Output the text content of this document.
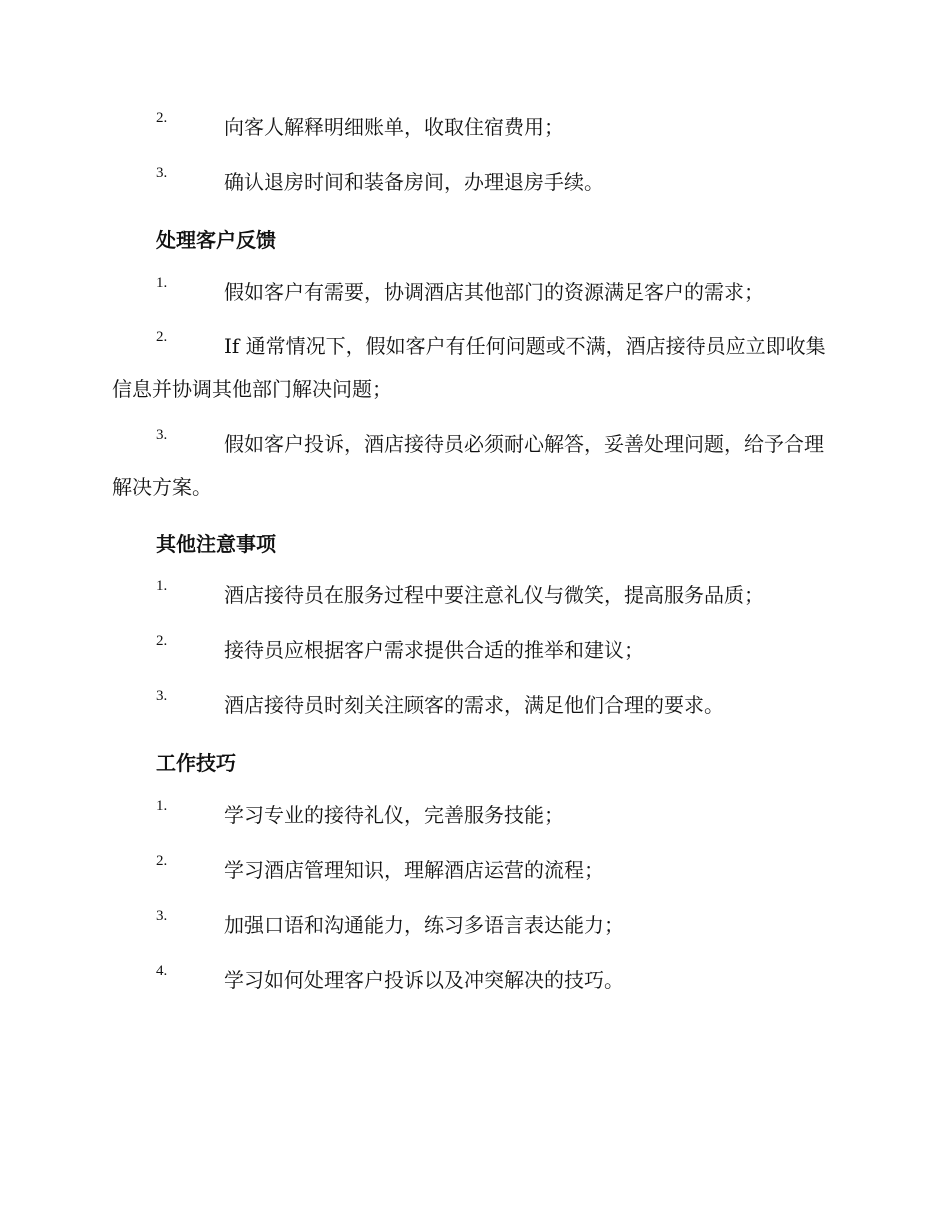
2.	向客人解释明细账单，收取住宿费用；

3.	确认退房时间和装备房间，办理退房手续。

处理客户反馈
1.	假如客户有需要，协调酒店其他部门的资源满足客户的需求；

2.	If 通常情况下，假如客户有任何问题或不满，酒店接待员应立即收集信息并协调其他部门解决问题；

3.	假如客户投诉，酒店接待员必须耐心解答，妥善处理问题，给予合理解决方案。

其他注意事项
1.	酒店接待员在服务过程中要注意礼仪与微笑，提高服务品质；

2.	接待员应根据客户需求提供合适的推举和建议；

3.	酒店接待员时刻关注顾客的需求，满足他们合理的要求。

工作技巧
1.	学习专业的接待礼仪，完善服务技能；

2.	学习酒店管理知识，理解酒店运营的流程；

3.	加强口语和沟通能力，练习多语言表达能力；

4.	学习如何处理客户投诉以及冲突解决的技巧。
